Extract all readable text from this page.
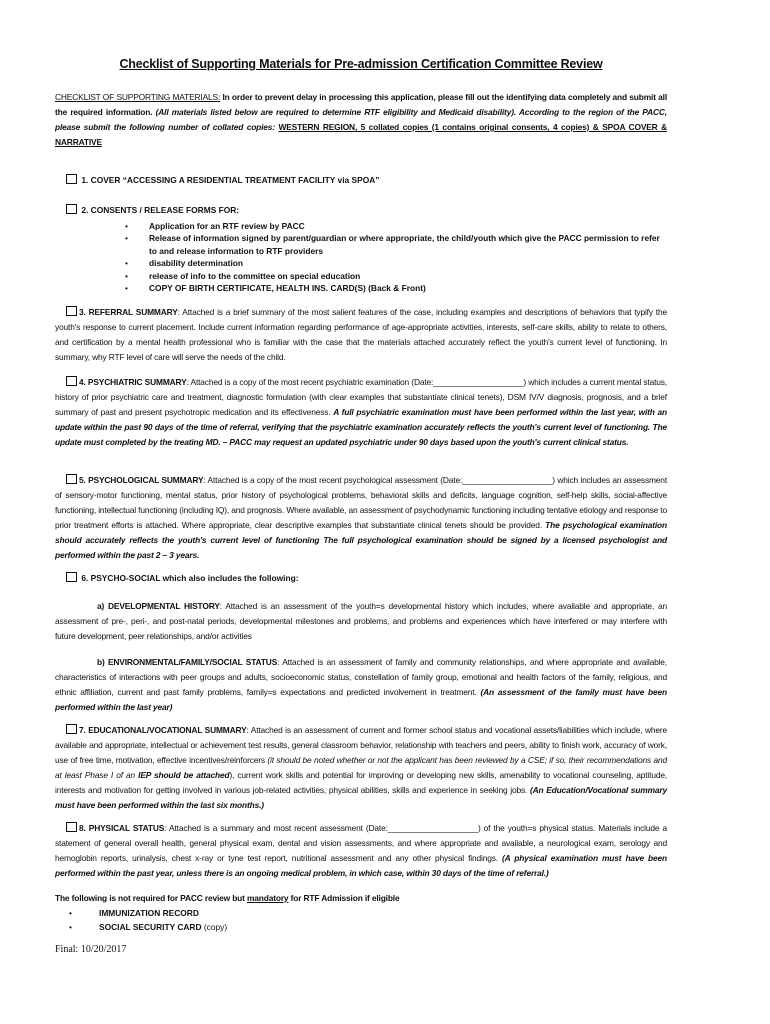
Checklist of Supporting Materials for Pre-admission Certification Committee Review
CHECKLIST OF SUPPORTING MATERIALS: In order to prevent delay in processing this application, please fill out the identifying data completely and submit all the required information. (All materials listed below are required to determine RTF eligibility and Medicaid disability). According to the region of the PACC, please submit the following number of collated copies: WESTERN REGION, 5 collated copies (1 contains original consents, 4 copies) & SPOA COVER & NARRATIVE
1. COVER “ACCESSING A RESIDENTIAL TREATMENT FACILITY via SPOA”
2. CONSENTS / RELEASE FORMS FOR:
• Application for an RTF review by PACC
• Release of information signed by parent/guardian or where appropriate, the child/youth which give the PACC permission to refer to and release information to RTF providers
• disability determination
• release of info to the committee on special education
• COPY OF BIRTH CERTIFICATE, HEALTH INS. CARD(S) (Back & Front)
3. REFERRAL SUMMARY: Attached is a brief summary of the most salient features of the case, including examples and descriptions of behaviors that typify the youth's response to current placement. Include current information regarding performance of age-appropriate activities, interests, self-care skills, ability to relate to others, and certification by a mental health professional who is familiar with the case that the materials attached accurately reflect the youth's current level of functioning. In summary, why RTF level of care will serve the needs of the child.
4. PSYCHIATRIC SUMMARY: Attached is a copy of the most recent psychiatric examination (Date:____________________) which includes a current mental status, history of prior psychiatric care and treatment, diagnostic formulation (with clear examples that substantiate clinical tenets), DSM IV/V diagnosis, prognosis, and a brief summary of past and present psychotropic medication and its effectiveness. A full psychiatric examination must have been performed within the last year, with an update within the past 90 days of the time of referral, verifying that the psychiatric examination accurately reflects the youth's current level of functioning. The update must completed by the treating MD. – PACC may request an updated psychiatric under 90 days based upon the youth's current clinical status.
5. PSYCHOLOGICAL SUMMARY: Attached is a copy of the most recent psychological assessment (Date:____________________) which includes an assessment of sensory-motor functioning, mental status, prior history of psychological problems, behavioral skills and deficits, language cognition, self-help skills, social-affective functioning, intellectual functioning (including IQ), and prognosis. Where available, an assessment of psychodynamic functioning including tentative etiology and response to prior treatment efforts is attached. Where appropriate, clear descriptive examples that substantiate clinical tenets should be provided. The psychological examination should accurately reflects the youth's current level of functioning The full psychological examination should be signed by a licensed psychologist and performed within the past 2 – 3 years.
6. PSYCHO-SOCIAL which also includes the following:
a) DEVELOPMENTAL HISTORY: Attached is an assessment of the youth=s developmental history which includes, where available and appropriate, an assessment of pre-, peri-, and post-natal periods, developmental milestones and problems, and problems and experiences which have interfered or may interfere with future development, peer relationships, and/or activities
b) ENVIRONMENTAL/FAMILY/SOCIAL STATUS: Attached is an assessment of family and community relationships, and where appropriate and available, characteristics of interactions with peer groups and adults, socioeconomic status, constellation of family group, emotional and health factors of the family, religious, and ethnic affiliation, current and past family problems, family=s expectations and predicted involvement in treatment. (An assessment of the family must have been performed within the last year)
7. EDUCATIONAL/VOCATIONAL SUMMARY: Attached is an assessment of current and former school status and vocational assets/liabilities which include, where available and appropriate, intellectual or achievement test results, general classroom behavior, relationship with teachers and peers, ability to finish work, accuracy of work, use of free time, motivation, effective incentives/reinforcers (it should be noted whether or not the applicant has been reviewed by a CSE; if so, their recommendations and at least Phase I of an IEP should be attached), current work skills and potential for improving or developing new skills, amenability to vocational counseling, aptitude, interests and motivation for getting involved in various job-related activities, physical abilities, skills and experience in seeking jobs. (An Education/Vocational summary must have been performed within the last six months.)
8. PHYSICAL STATUS: Attached is a summary and most recent assessment (Date:____________________) of the youth=s physical status. Materials include a statement of general overall health, general physical exam, dental and vision assessments, and where appropriate and available, a neurological exam, serology and hemoglobin reports, urinalysis, chest x-ray or tyne test report, nutritional assessment and any other physical findings. (A physical examination must have been performed within the past year, unless there is an ongoing medical problem, in which case, within 30 days of the time of referral.)
The following is not required for PACC review but mandatory for RTF Admission if eligible
• IMMUNIZATION RECORD
• SOCIAL SECURITY CARD (copy)
Final: 10/20/2017
